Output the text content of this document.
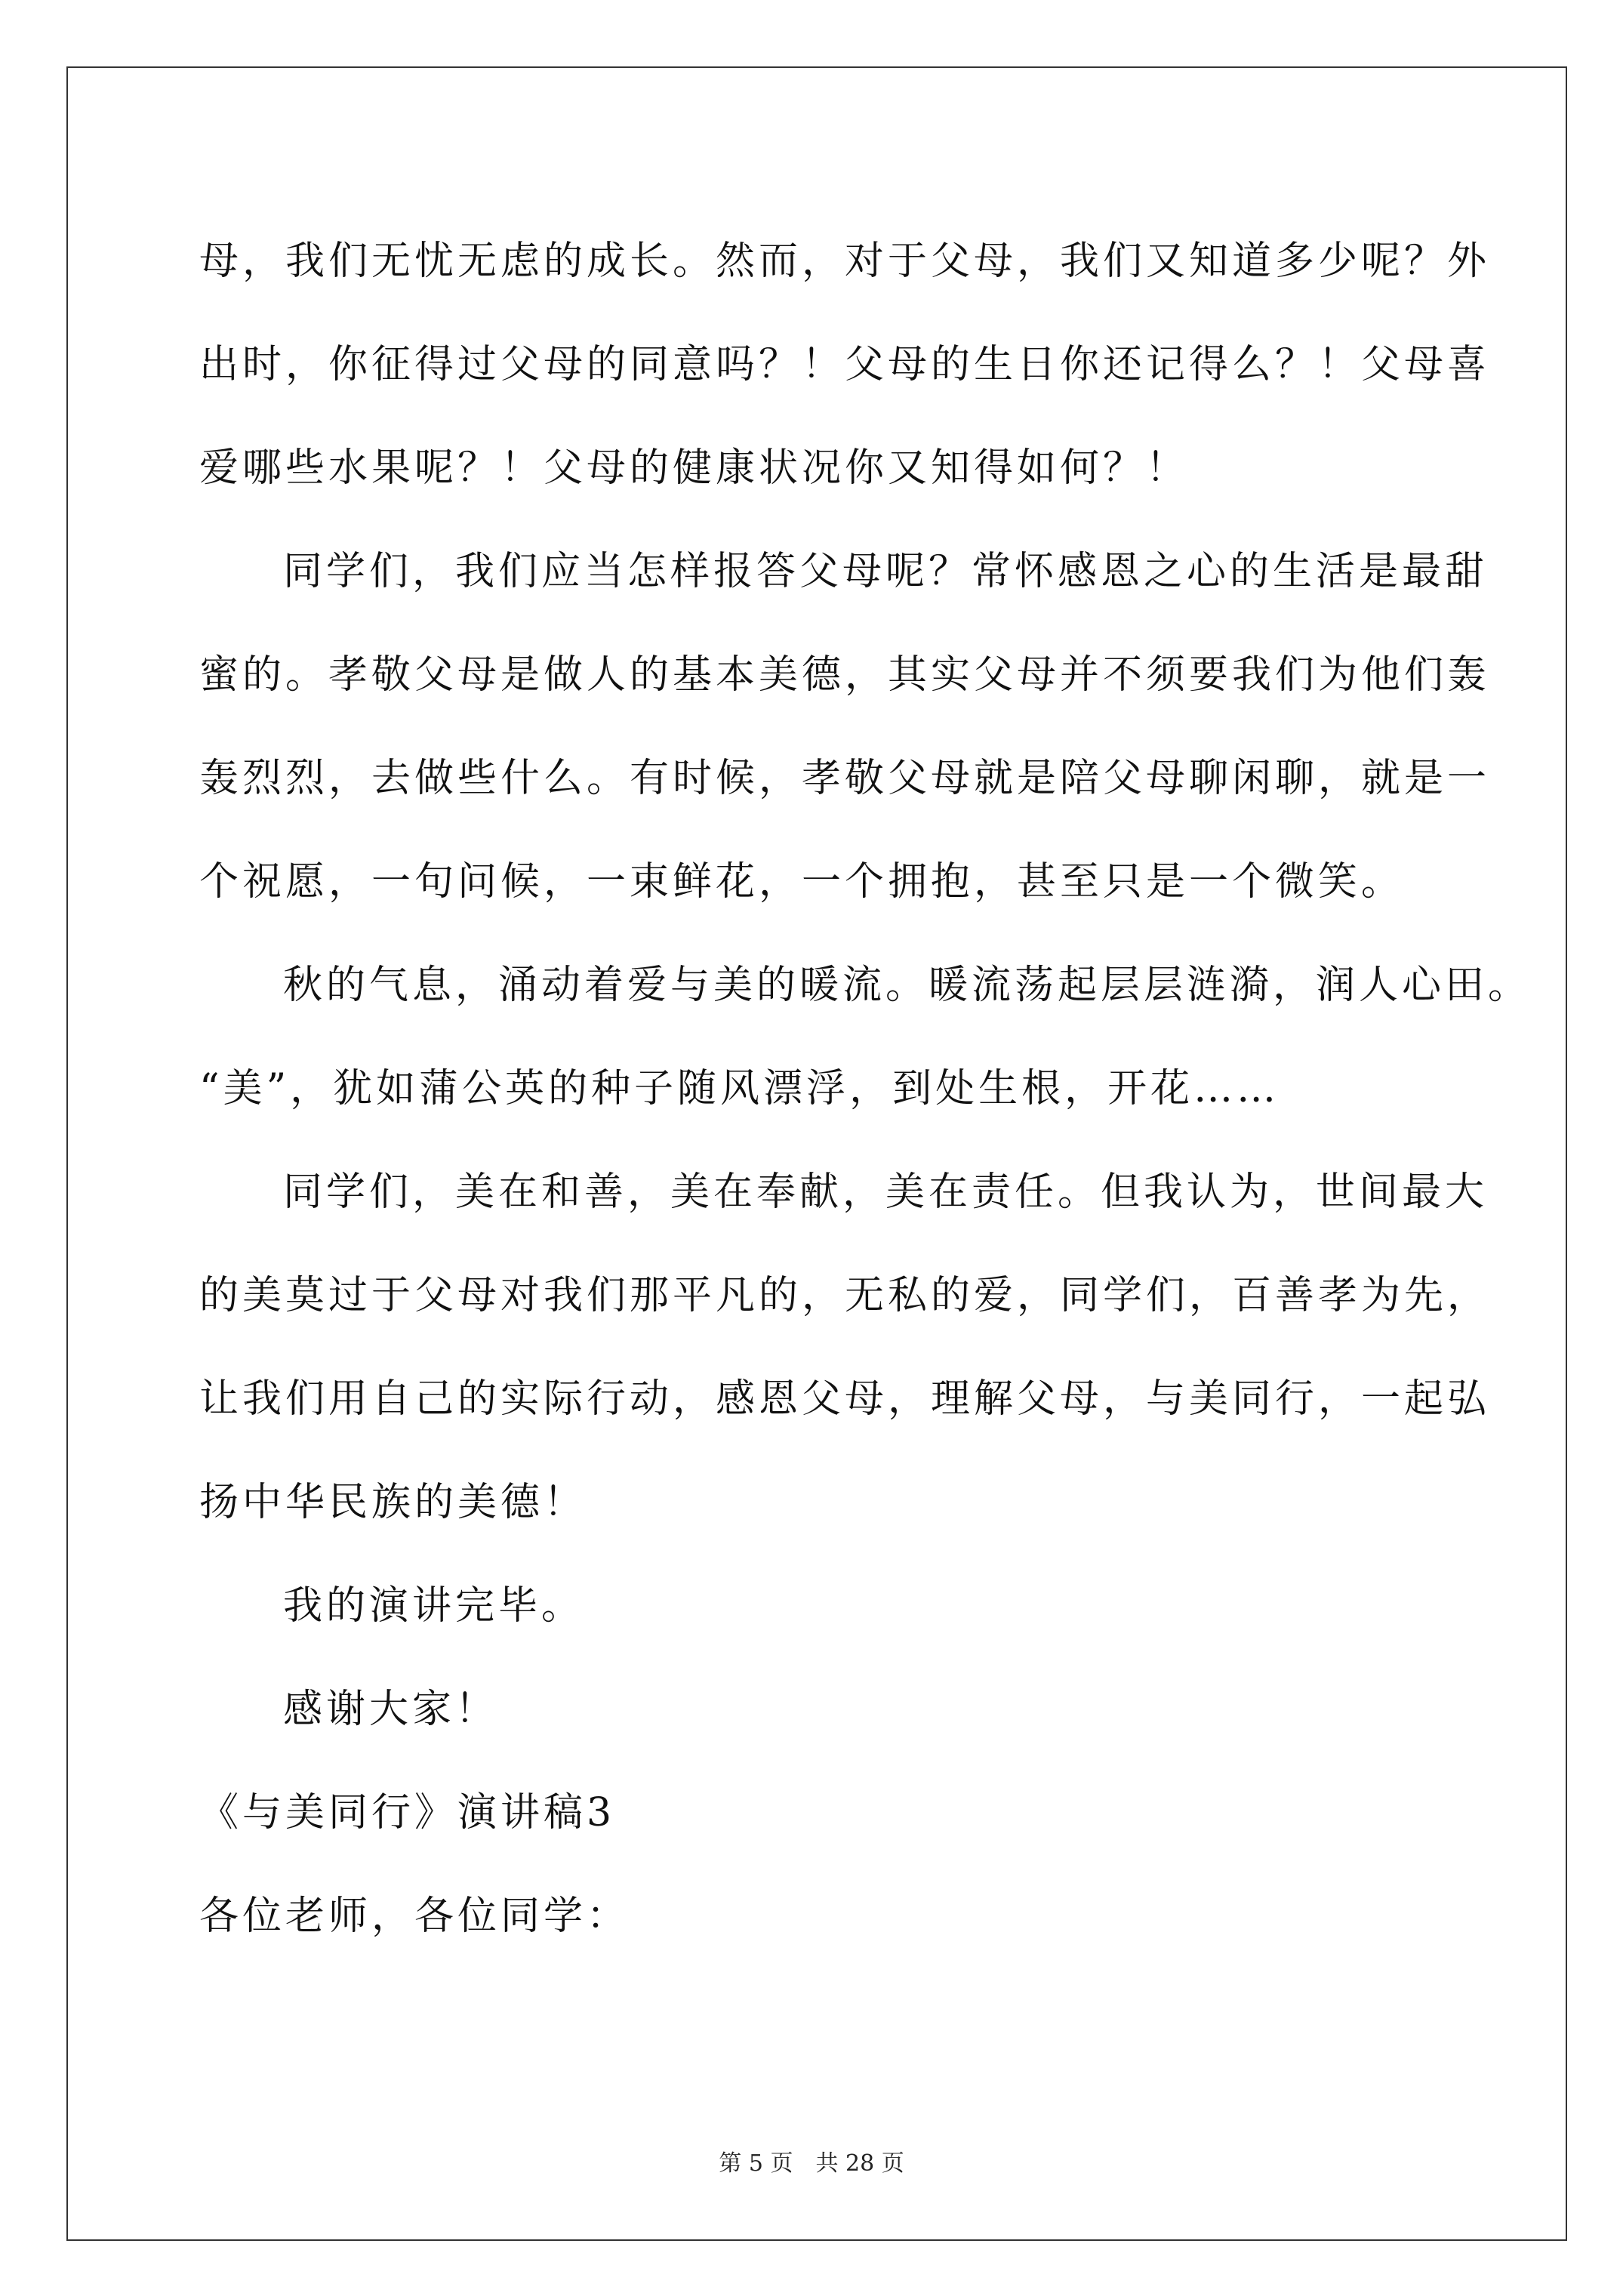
母，我们无忧无虑的成长。然而，对于父母，我们又知道多少呢？外

出时，你征得过父母的同意吗？！父母的生日你还记得么？！父母喜

爱哪些水果呢？！父母的健康状况你又知得如何？！

同学们，我们应当怎样报答父母呢？常怀感恩之心的生活是最甜

蜜的。孝敬父母是做人的基本美德，其实父母并不须要我们为他们轰

轰烈烈，去做些什么。有时候，孝敬父母就是陪父母聊闲聊，就是一

个祝愿，一句问候，一束鲜花，一个拥抱，甚至只是一个微笑。

秋的气息，涌动着爱与美的暖流。暖流荡起层层涟漪，润人心田。

“美”，犹如蒲公英的种子随风漂浮，到处生根，开花……

同学们，美在和善，美在奉献，美在责任。但我认为，世间最大

的美莫过于父母对我们那平凡的，无私的爱，同学们，百善孝为先，

让我们用自己的实际行动，感恩父母，理解父母，与美同行，一起弘

扬中华民族的美德！

我的演讲完毕。

感谢大家！

《与美同行》演讲稿3

各位老师，各位同学：

第 5 页　共 28 页
